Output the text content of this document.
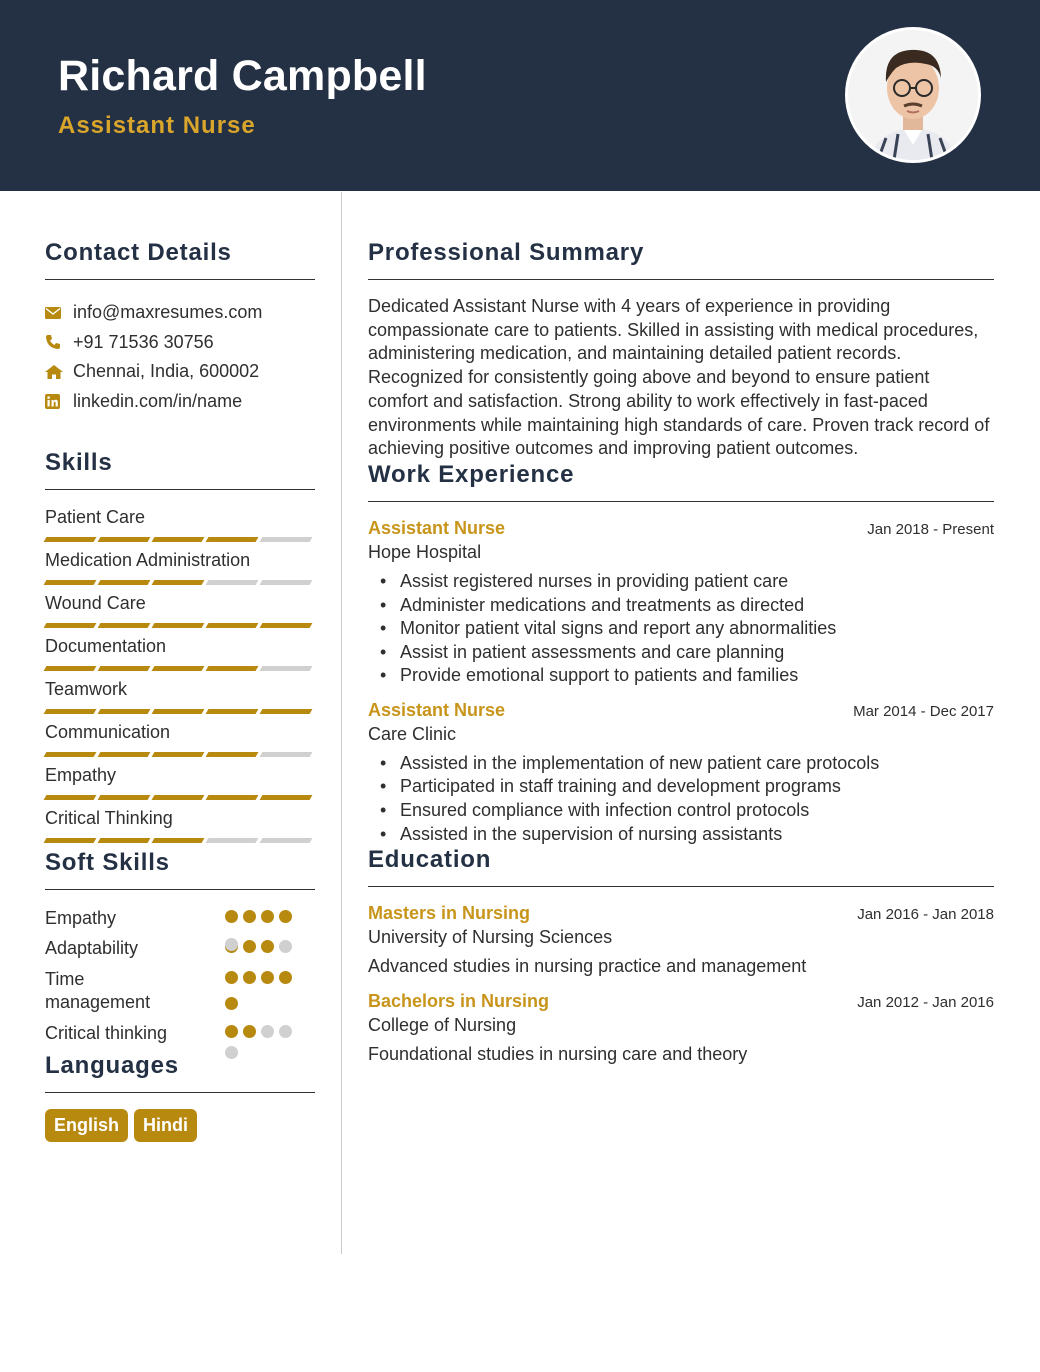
Richard Campbell
Assistant Nurse
Contact Details
info@maxresumes.com
+91 71536 30756
Chennai, India, 600002
linkedin.com/in/name
Skills
Patient Care
Medication Administration
Wound Care
Documentation
Teamwork
Communication
Empathy
Critical Thinking
Soft Skills
Empathy
Adaptability
Time management
Critical thinking
Languages
English	Hindi
Professional Summary

Dedicated Assistant Nurse with 4 years of experience in providing compassionate care to patients. Skilled in assisting with medical procedures, administering medication, and maintaining detailed patient records. Recognized for consistently going above and beyond to ensure patient comfort and satisfaction. Strong ability to work effectively in fast-paced environments while maintaining high standards of care. Proven track record of achieving positive outcomes and improving patient outcomes.

Work Experience
Assistant Nurse	Jan 2018 - Present
Hope Hospital
• Assist registered nurses in providing patient care
• Administer medications and treatments as directed
• Monitor patient vital signs and report any abnormalities
• Assist in patient assessments and care planning
• Provide emotional support to patients and families
Assistant Nurse	Mar 2014 - Dec 2017
Care Clinic
• Assisted in the implementation of new patient care protocols
• Participated in staff training and development programs
• Ensured compliance with infection control protocols
• Assisted in the supervision of nursing assistants
Education
Masters in Nursing	Jan 2016 - Jan 2018
University of Nursing Sciences
Advanced studies in nursing practice and management
Bachelors in Nursing	Jan 2012 - Jan 2016
College of Nursing
Foundational studies in nursing care and theory
